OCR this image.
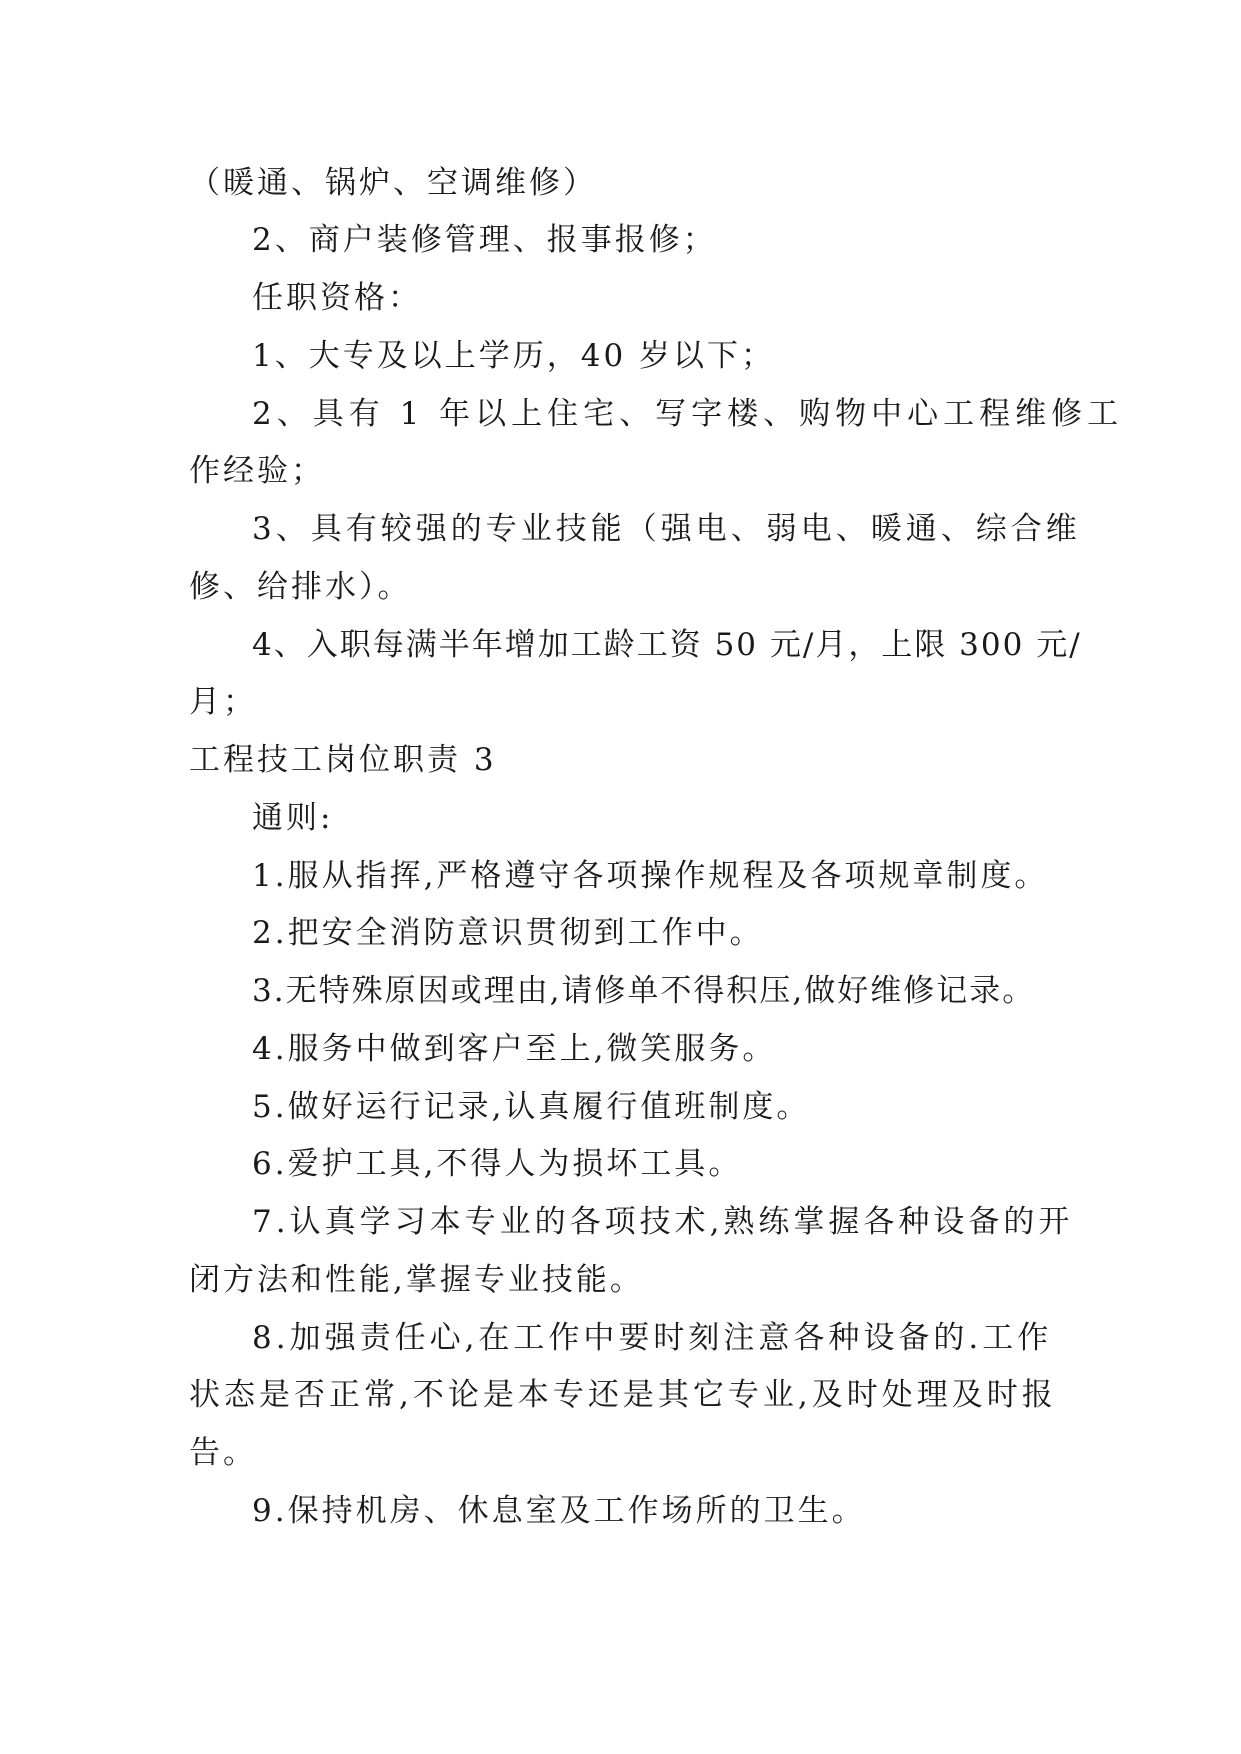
（暖通、锅炉、空调维修）
2、商户装修管理、报事报修；
任职资格：
1、大专及以上学历，40 岁以下；
2、具有 1 年以上住宅、写字楼、购物中心工程维修工
作经验；
3、具有较强的专业技能（强电、弱电、暖通、综合维
修、给排水）。
4、入职每满半年增加工龄工资 50 元/月，上限 300 元/
月；
工程技工岗位职责 3
通则:
1.服从指挥,严格遵守各项操作规程及各项规章制度。
2.把安全消防意识贯彻到工作中。
3.无特殊原因或理由,请修单不得积压,做好维修记录。
4.服务中做到客户至上,微笑服务。
5.做好运行记录,认真履行值班制度。
6.爱护工具,不得人为损坏工具。
7.认真学习本专业的各项技术,熟练掌握各种设备的开
闭方法和性能,掌握专业技能。
8.加强责任心,在工作中要时刻注意各种设备的.工作
状态是否正常,不论是本专还是其它专业,及时处理及时报
告。
9.保持机房、休息室及工作场所的卫生。
